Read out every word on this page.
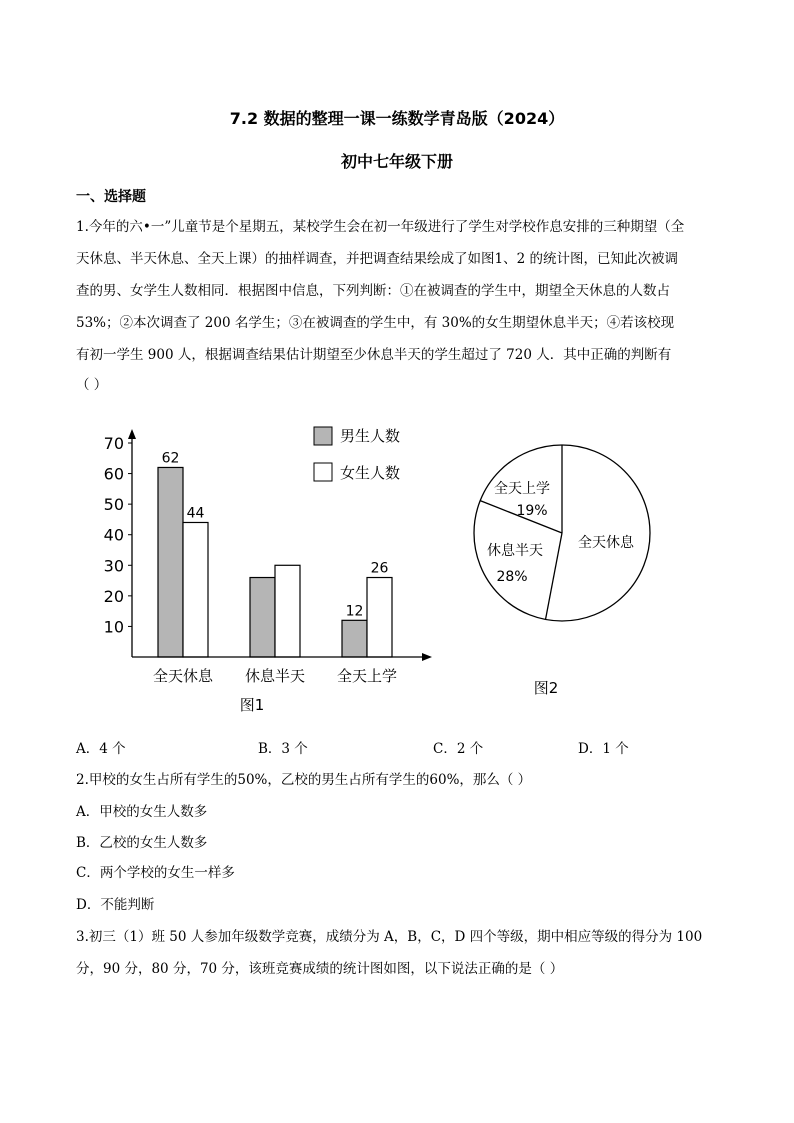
7.2 数据的整理一课一练数学青岛版（2024）
初中七年级下册
一、选择题
1.今年的六•一”儿童节是个星期五，某校学生会在初一年级进行了学生对学校作息安排的三种期望（全
天休息、半天休息、全天上课）的抽样调查，并把调查结果绘成了如图1、2 的统计图，已知此次被调
查的男、女学生人数相同．根据图中信息，下列判断：①在被调查的学生中，期望全天休息的人数占
53%；②本次调查了 200 名学生；③在被调查的学生中，有 30%的女生期望休息半天；④若该校现
有初一学生 900 人，根据调查结果估计期望至少休息半天的学生超过了 720 人．其中正确的判断有
（ ）
10
20
30
40
50
60
70
全天休息 休息半天 全天上学
62
44
12
26
男生人数
女生人数
图1
全天上学
19%
休息半天
28%
全天休息
图2
A．4 个	B．3 个	C．2 个	D．1 个
2.甲校的女生占所有学生的50%，乙校的男生占所有学生的60%，那么（ ）
A．甲校的女生人数多
B．乙校的女生人数多
C．两个学校的女生一样多
D．不能判断
3.初三（1）班 50 人参加年级数学竞赛，成绩分为 A，B，C，D 四个等级，期中相应等级的得分为 100
分，90 分，80 分，70 分，该班竞赛成绩的统计图如图，以下说法正确的是（ ）
